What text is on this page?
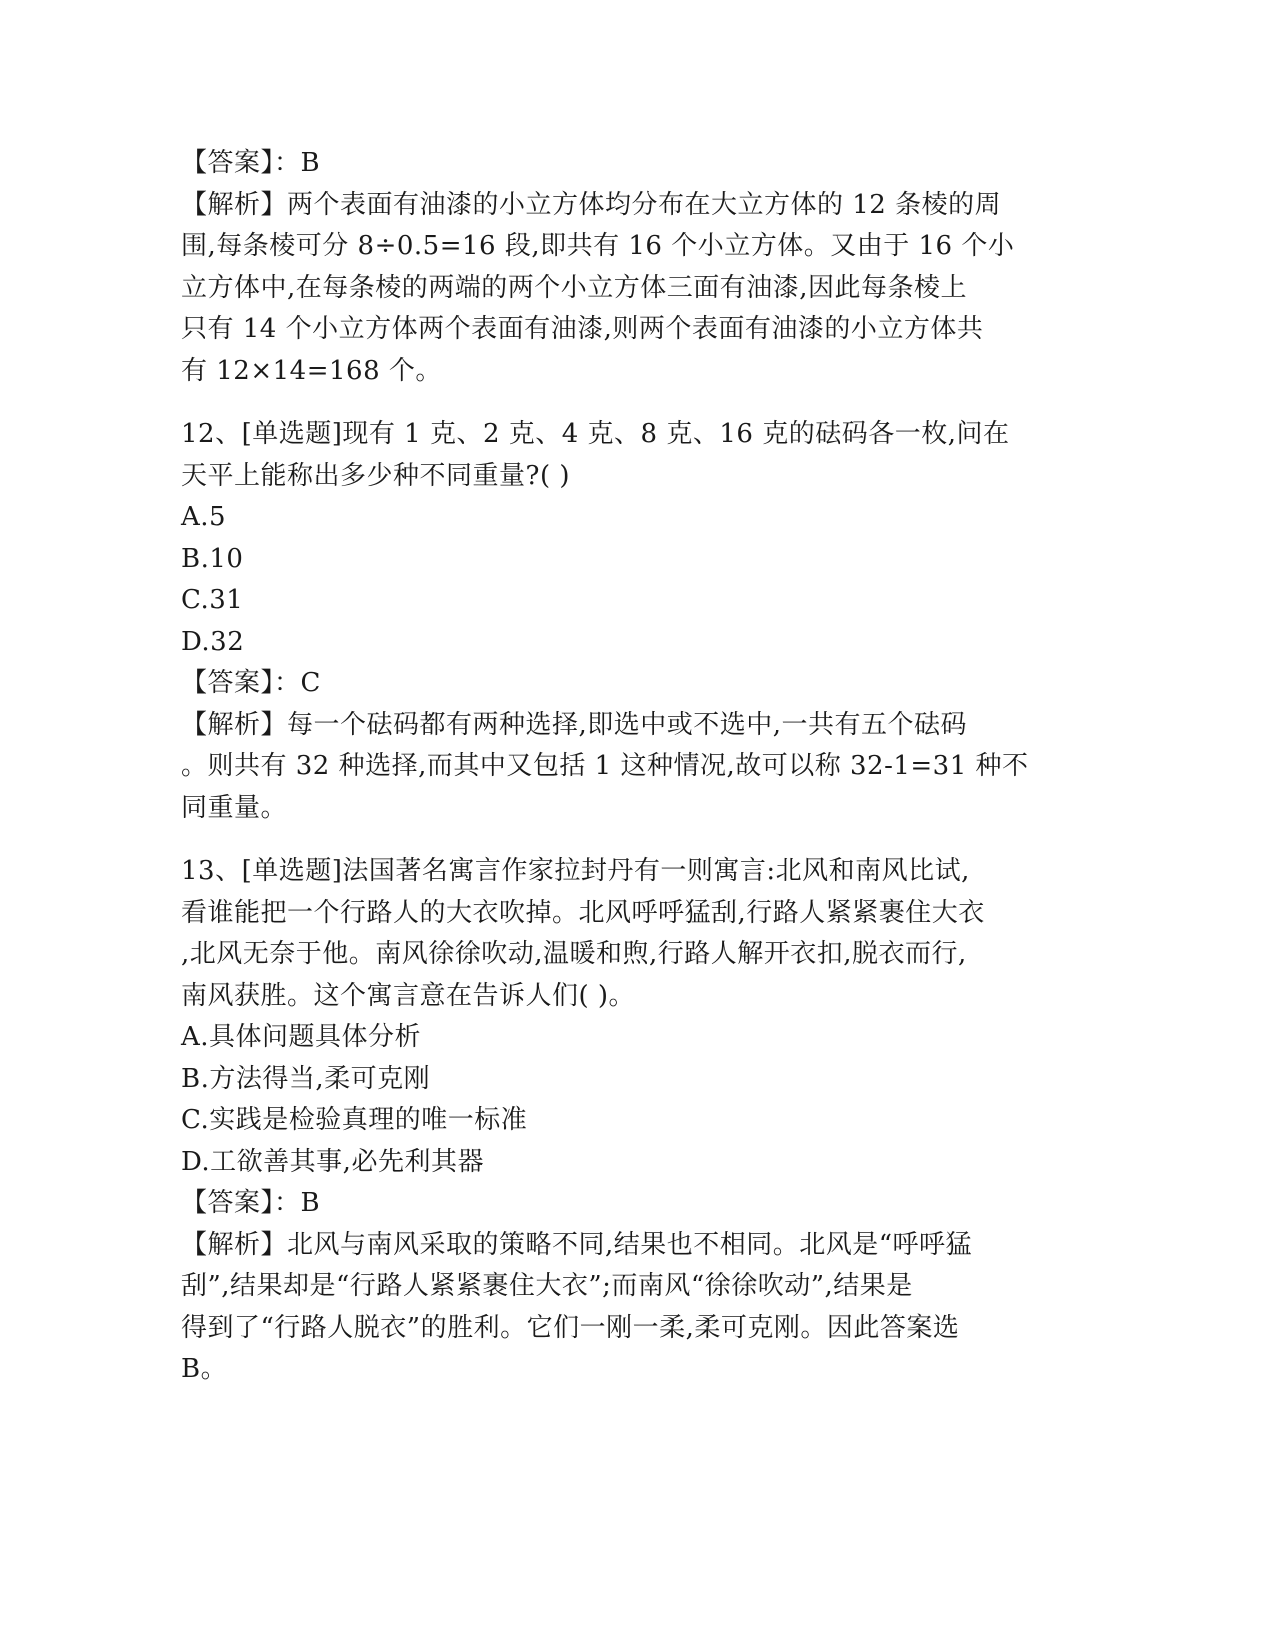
【答案】：B
【解析】两个表面有油漆的小立方体均分布在大立方体的 12 条棱的周
围,每条棱可分 8÷0.5=16 段,即共有 16 个小立方体。又由于 16 个小
立方体中,在每条棱的两端的两个小立方体三面有油漆,因此每条棱上
只有 14 个小立方体两个表面有油漆,则两个表面有油漆的小立方体共
有 12×14=168 个。
12、[单选题]现有 1 克、2 克、4 克、8 克、16 克的砝码各一枚,问在
天平上能称出多少种不同重量?( )
A.5
B.10
C.31
D.32
【答案】：C
【解析】每一个砝码都有两种选择,即选中或不选中,一共有五个砝码
。则共有 32 种选择,而其中又包括 1 这种情况,故可以称 32-1=31 种不
同重量。
13、[单选题]法国著名寓言作家拉封丹有一则寓言:北风和南风比试,
看谁能把一个行路人的大衣吹掉。北风呼呼猛刮,行路人紧紧裹住大衣
,北风无奈于他。南风徐徐吹动,温暖和煦,行路人解开衣扣,脱衣而行,
南风获胜。这个寓言意在告诉人们( )。
A.具体问题具体分析
B.方法得当,柔可克刚
C.实践是检验真理的唯一标准
D.工欲善其事,必先利其器
【答案】：B
【解析】北风与南风采取的策略不同,结果也不相同。北风是“呼呼猛
刮”,结果却是“行路人紧紧裹住大衣”;而南风“徐徐吹动”,结果是
得到了“行路人脱衣”的胜利。它们一刚一柔,柔可克刚。因此答案选
B。
